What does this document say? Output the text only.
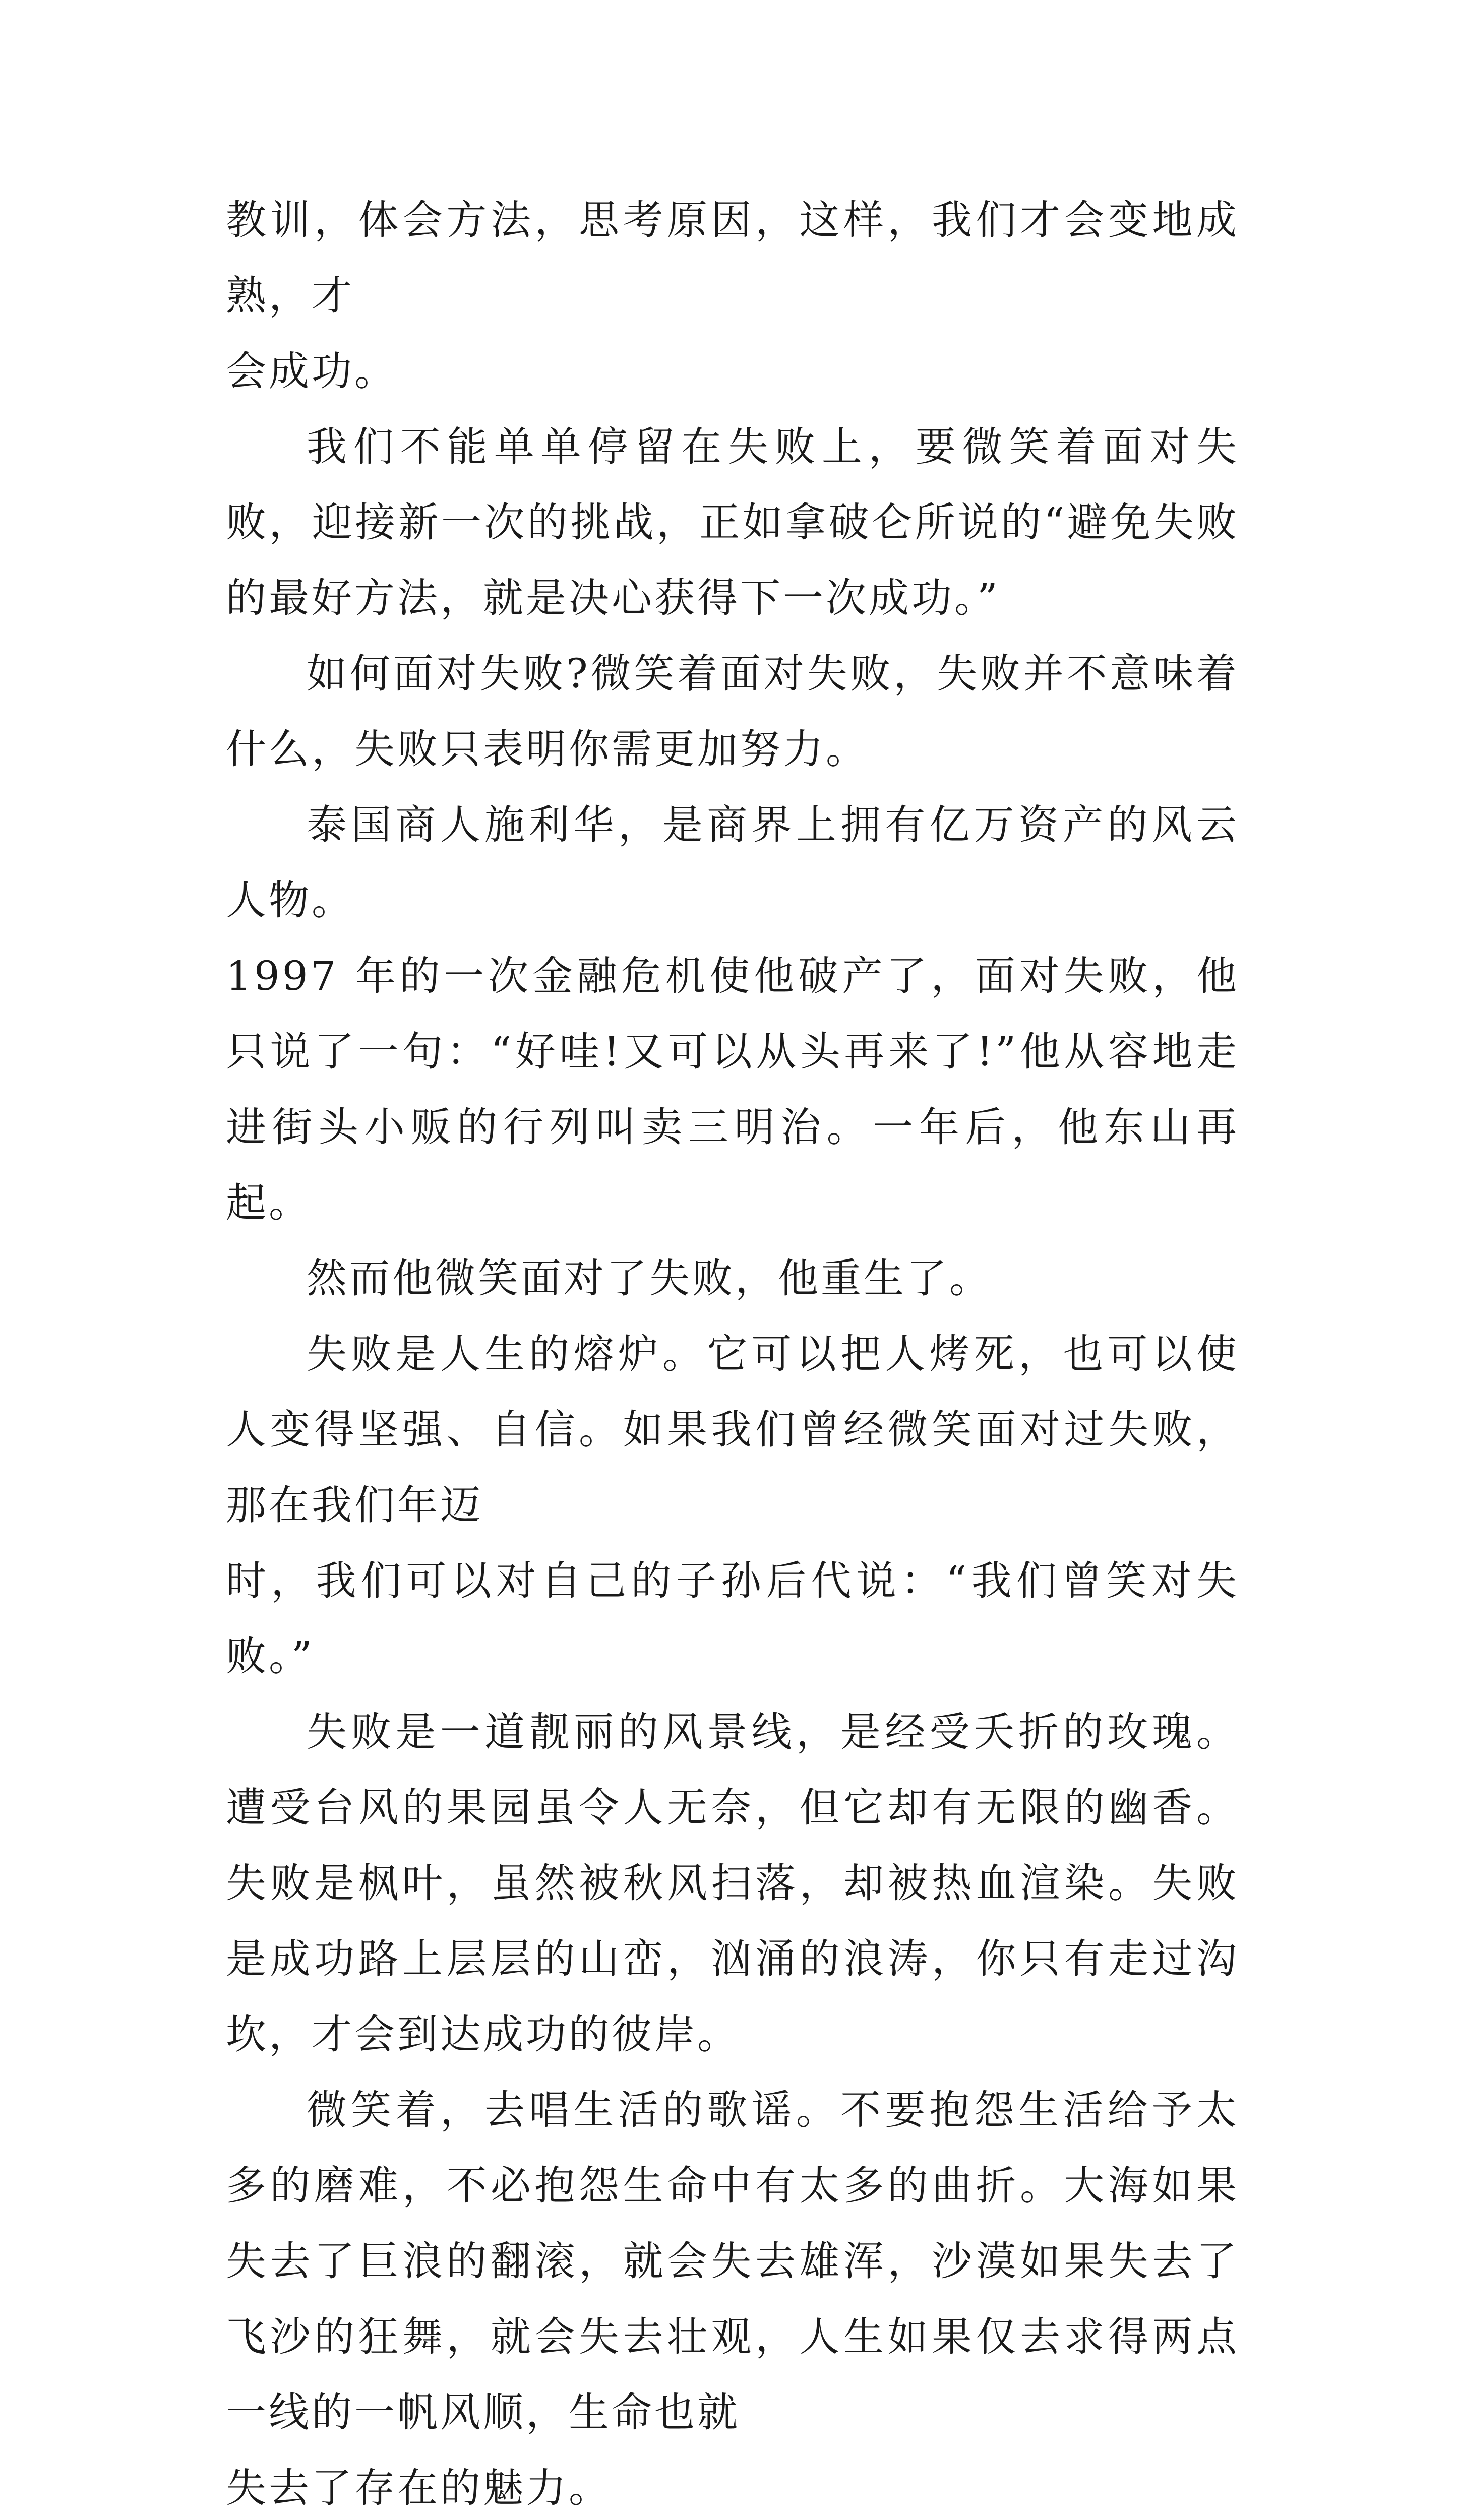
教训，体会方法，思考原因，这样，我们才会变地成熟，才
会成功。

我们不能单单停留在失败上，要微笑着面对失败，迎接新一次的挑战，正如拿破仑所说的“避免失败的最好方法，就是决心获得下一次成功。”

如何面对失败?微笑着面对失败，失败并不意味着什么，失败只表明你需更加努力。

泰国商人施利华，是商界上拥有亿万资产的风云人物。
1997 年的一次金融危机使他破产了，面对失败，他只说了一句：“好哇!又可以从头再来了!”他从容地走进街头小贩的行列叫卖三明治。一年后，他东山再起。

然而他微笑面对了失败，他重生了。

失败是人生的熔炉。它可以把人烤死，也可以使人变得坚强、自信。如果我们曾经微笑面对过失败，那在我们年迈
时，我们可以对自己的子孙后代说：“我们曾笑对失败。”

失败是一道靓丽的风景线，是经受夭折的玫瑰。遭受台风的果园虽令人无奈，但它却有无限的幽香。失败是枫叶，虽然被秋风扫落，却被热血渲染。失败是成功路上层层的山峦，汹涌的浪涛，你只有走过沟坎，才会到达成功的彼岸。

微笑着，去唱生活的歌谣。不要抱怨生活给予太多的磨难，不必抱怨生命中有太多的曲折。大海如果失去了巨浪的翻滚，就会失去雄浑，沙漠如果失去了飞沙的狂舞，就会失去壮观，人生如果仅去求得两点一线的一帆风顺，生命也就
失去了存在的魅力。
